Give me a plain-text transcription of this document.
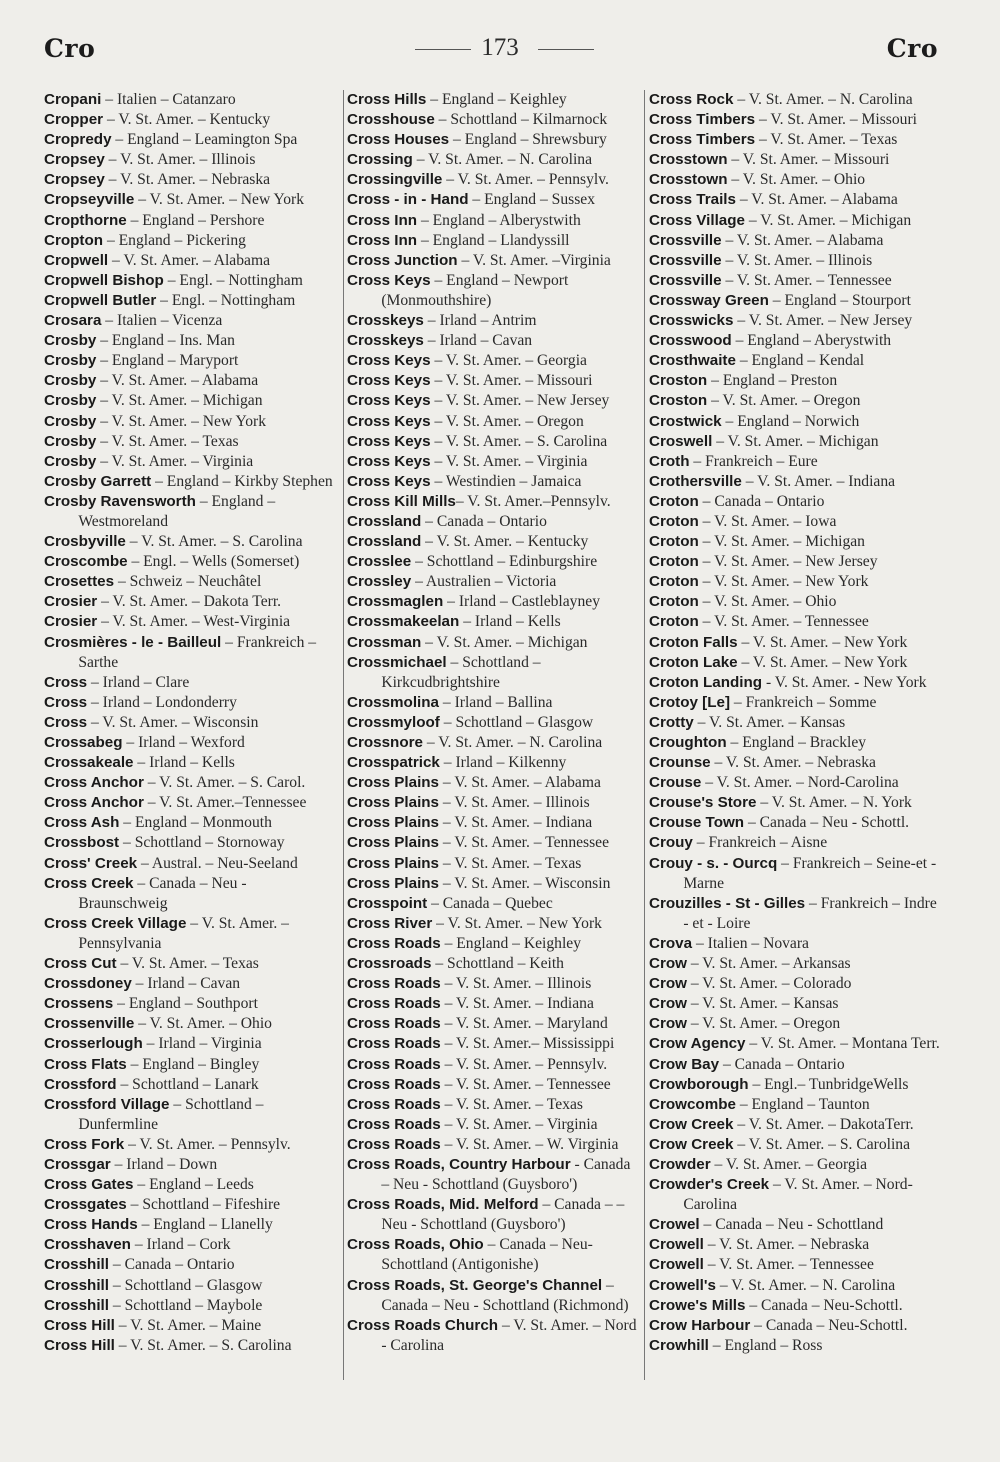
Cro	173	Cro
Cropani – Italien – Catanzaro
Cropper – V. St. Amer. – Kentucky
Cropredy – England – Leamington Spa
Cropsey – V. St. Amer. – Illinois
Cropsey – V. St. Amer. – Nebraska
Cropseyville – V. St. Amer. – New York
Cropthorne – England – Pershore
Cropton – England – Pickering
Cropwell – V. St. Amer. – Alabama
Cropwell Bishop – Engl. – Nottingham
Cropwell Butler – Engl. – Nottingham
Crosara – Italien – Vicenza
Crosby – England – Ins. Man
Crosby – England – Maryport
Crosby – V. St. Amer. – Alabama
Crosby – V. St. Amer. – Michigan
Crosby – V. St. Amer. – New York
Crosby – V. St. Amer. – Texas
Crosby – V. St. Amer. – Virginia
Crosby Garrett – England – Kirkby Stephen
Crosby Ravensworth – England – Westmoreland
Crosbyville – V. St. Amer. – S. Carolina
Croscombe – Engl. – Wells (Somerset)
Crosettes – Schweiz – Neuchâtel
Crosier – V. St. Amer. – Dakota Terr.
Crosier – V. St. Amer. – West-Virginia
Crosmières - le - Bailleul – Frankreich – Sarthe
Cross – Irland – Clare
Cross – Irland – Londonderry
Cross – V. St. Amer. – Wisconsin
Crossabeg – Irland – Wexford
Crossakeale – Irland – Kells
Cross Anchor – V. St. Amer. – S. Carol.
Cross Anchor – V. St. Amer.–Tennessee
Cross Ash – England – Monmouth
Crossbost – Schottland – Stornoway
Cross' Creek – Austral. – Neu-Seeland
Cross Creek – Canada – Neu - Braunschweig
Cross Creek Village – V. St. Amer. – Pennsylvania
Cross Cut – V. St. Amer. – Texas
Crossdoney – Irland – Cavan
Crossens – England – Southport
Crossenville – V. St. Amer. – Ohio
Crosserlough – Irland – Virginia
Cross Flats – England – Bingley
Crossford – Schottland – Lanark
Crossford Village – Schottland – Dunfermline
Cross Fork – V. St. Amer. – Pennsylv.
Crossgar – Irland – Down
Cross Gates – England – Leeds
Crossgates – Schottland – Fifeshire
Cross Hands – England – Llanelly
Crosshaven – Irland – Cork
Crosshill – Canada – Ontario
Crosshill – Schottland – Glasgow
Crosshill – Schottland – Maybole
Cross Hill – V. St. Amer. – Maine
Cross Hill – V. St. Amer. – S. Carolina
Cross Hills – England – Keighley
Crosshouse – Schottland – Kilmarnock
Cross Houses – England – Shrewsbury
Crossing – V. St. Amer. – N. Carolina
Crossingville – V. St. Amer. – Pennsylv.
Cross - in - Hand – England – Sussex
Cross Inn – England – Alberystwith
Cross Inn – England – Llandyssill
Cross Junction – V. St. Amer. –Virginia
Cross Keys – England – Newport (Monmouthshire)
Crosskeys – Irland – Antrim
Crosskeys – Irland – Cavan
Cross Keys – V. St. Amer. – Georgia
Cross Keys – V. St. Amer. – Missouri
Cross Keys – V. St. Amer. – New Jersey
Cross Keys – V. St. Amer. – Oregon
Cross Keys – V. St. Amer. – S. Carolina
Cross Keys – V. St. Amer. – Virginia
Cross Keys – Westindien – Jamaica
Cross Kill Mills– V. St. Amer.–Pennsylv.
Crossland – Canada – Ontario
Crossland – V. St. Amer. – Kentucky
Crosslee – Schottland – Edinburgshire
Crossley – Australien – Victoria
Crossmaglen – Irland – Castleblayney
Crossmakeelan – Irland – Kells
Crossman – V. St. Amer. – Michigan
Crossmichael – Schottland – Kirkcudbrightshire
Crossmolina – Irland – Ballina
Crossmyloof – Schottland – Glasgow
Crossnore – V. St. Amer. – N. Carolina
Crosspatrick – Irland – Kilkenny
Cross Plains – V. St. Amer. – Alabama
Cross Plains – V. St. Amer. – Illinois
Cross Plains – V. St. Amer. – Indiana
Cross Plains – V. St. Amer. – Tennessee
Cross Plains – V. St. Amer. – Texas
Cross Plains – V. St. Amer. – Wisconsin
Crosspoint – Canada – Quebec
Cross River – V. St. Amer. – New York
Cross Roads – England – Keighley
Crossroads – Schottland – Keith
Cross Roads – V. St. Amer. – Illinois
Cross Roads – V. St. Amer. – Indiana
Cross Roads – V. St. Amer. – Maryland
Cross Roads – V. St. Amer.– Mississippi
Cross Roads – V. St. Amer. – Pennsylv.
Cross Roads – V. St. Amer. – Tennessee
Cross Roads – V. St. Amer. – Texas
Cross Roads – V. St. Amer. – Virginia
Cross Roads – V. St. Amer. – W. Virginia
Cross Roads, Country Harbour - Canada – Neu - Schottland (Guysboro')
Cross Roads, Mid. Melford – Canada – – Neu - Schottland (Guysboro')
Cross Roads, Ohio – Canada – Neu-Schottland (Antigonishe)
Cross Roads, St. George's Channel – Canada – Neu - Schottland (Richmond)
Cross Roads Church – V. St. Amer. – Nord - Carolina
Cross Rock – V. St. Amer. – N. Carolina
Cross Timbers – V. St. Amer. – Missouri
Cross Timbers – V. St. Amer. – Texas
Crosstown – V. St. Amer. – Missouri
Crosstown – V. St. Amer. – Ohio
Cross Trails – V. St. Amer. – Alabama
Cross Village – V. St. Amer. – Michigan
Crossville – V. St. Amer. – Alabama
Crossville – V. St. Amer. – Illinois
Crossville – V. St. Amer. – Tennessee
Crossway Green – England – Stourport
Crosswicks – V. St. Amer. – New Jersey
Crosswood – England – Aberystwith
Crosthwaite – England – Kendal
Croston – England – Preston
Croston – V. St. Amer. – Oregon
Crostwick – England – Norwich
Croswell – V. St. Amer. – Michigan
Croth – Frankreich – Eure
Crothersville – V. St. Amer. – Indiana
Croton – Canada – Ontario
Croton – V. St. Amer. – Iowa
Croton – V. St. Amer. – Michigan
Croton – V. St. Amer. – New Jersey
Croton – V. St. Amer. – New York
Croton – V. St. Amer. – Ohio
Croton – V. St. Amer. – Tennessee
Croton Falls – V. St. Amer. – New York
Croton Lake – V. St. Amer. – New York
Croton Landing - V. St. Amer. - New York
Crotoy [Le] – Frankreich – Somme
Crotty – V. St. Amer. – Kansas
Croughton – England – Brackley
Crounse – V. St. Amer. – Nebraska
Crouse – V. St. Amer. – Nord-Carolina
Crouse's Store – V. St. Amer. – N. York
Crouse Town – Canada – Neu - Schottl.
Crouy – Frankreich – Aisne
Crouy - s. - Ourcq – Frankreich – Seine-et - Marne
Crouzilles - St - Gilles – Frankreich – Indre - et - Loire
Crova – Italien – Novara
Crow – V. St. Amer. – Arkansas
Crow – V. St. Amer. – Colorado
Crow – V. St. Amer. – Kansas
Crow – V. St. Amer. – Oregon
Crow Agency – V. St. Amer. – Montana Terr.
Crow Bay – Canada – Ontario
Crowborough – Engl.– TunbridgeWells
Crowcombe – England – Taunton
Crow Creek – V. St. Amer. – DakotaTerr.
Crow Creek – V. St. Amer. – S. Carolina
Crowder – V. St. Amer. – Georgia
Crowder's Creek – V. St. Amer. – Nord-Carolina
Crowel – Canada – Neu - Schottland
Crowell – V. St. Amer. – Nebraska
Crowell – V. St. Amer. – Tennessee
Crowell's – V. St. Amer. – N. Carolina
Crowe's Mills – Canada – Neu-Schottl.
Crow Harbour – Canada – Neu-Schottl.
Crowhill – England – Ross
